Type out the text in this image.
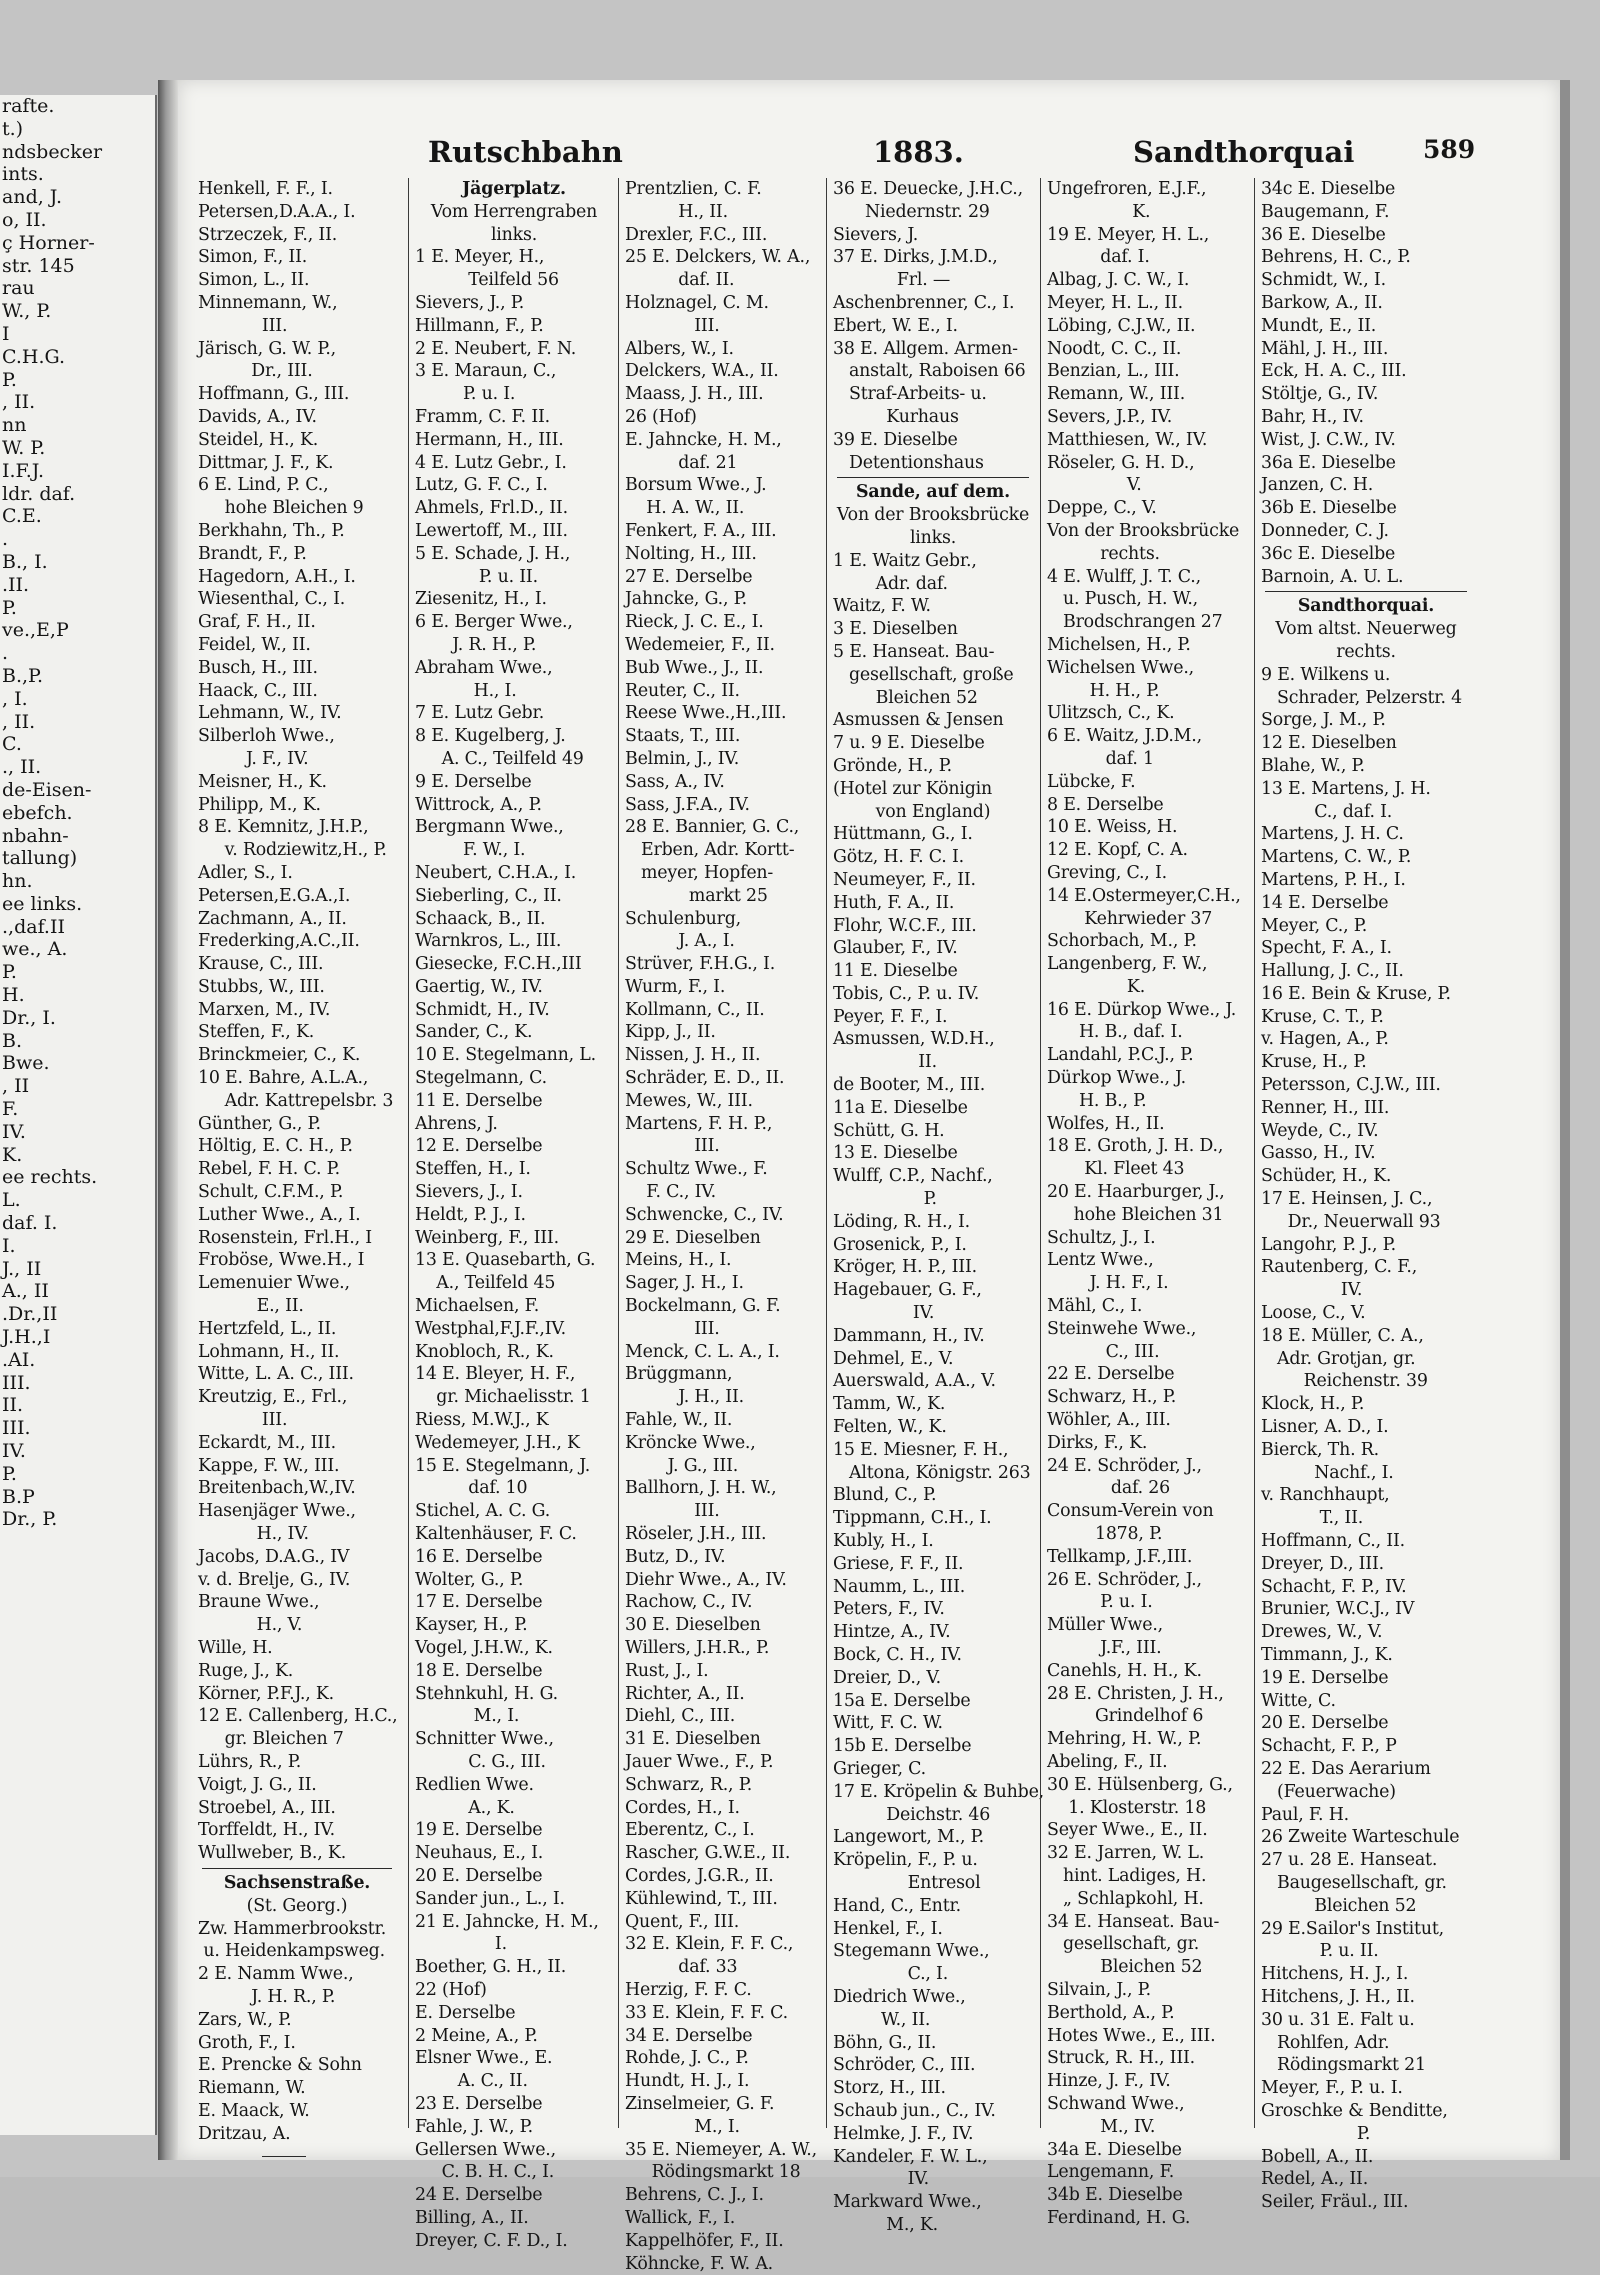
rafte.
t.)
ndsbecker
ints.
and, J.
o, II.
ç Horner-
str. 145
rau
W., P.
I
C.H.G.
P.
, II.
nn
W. P.
I.F.J.
ldr. daf.
C.E.
.
B., I.
.II.
P.
ve.,E,P
.
B.,P.
, I.
, II.
C.
., II.
de-Eisen-
ebefch.
nbahn-
tallung)
hn.
ee links.
.,daf.II
we., A.
P.
H.
Dr., I.
B.
Bwe.
, II
F.
IV.
K.
ee rechts.
L.
daf. I.
I.
J., II
A., II
.Dr.,II
J.H.,I
.AI.
III.
II.
III.
IV.
P.
B.P
Dr., P.
Rutschbahn	1883.	Sandthorquai	589
Henkell, F. F., I.
Petersen,D.A.A., I.
Strzeczek, F., II.
Simon, F., II.
Simon, L., II.
Minnemann, W.,
III.
Järisch, G. W. P.,
Dr., III.
Hoffmann, G., III.
Davids, A., IV.
Steidel, H., K.
Dittmar, J. F., K.
6 E. Lind, P. C.,
hohe Bleichen 9
Berkhahn, Th., P.
Brandt, F., P.
Hagedorn, A.H., I.
Wiesenthal, C., I.
Graf, F. H., II.
Feidel, W., II.
Busch, H., III.
Haack, C., III.
Lehmann, W., IV.
Silberloh Wwe.,
J. F., IV.
Meisner, H., K.
Philipp, M., K.
8 E. Kemnitz, J.H.P.,
v. Rodziewitz,H., P.
Adler, S., I.
Petersen,E.G.A.,I.
Zachmann, A., II.
Frederking,A.C.,II.
Krause, C., III.
Stubbs, W., III.
Marxen, M., IV.
Steffen, F., K.
Brinckmeier, C., K.
10 E. Bahre, A.L.A.,
Adr. Kattrepelsbr. 3
Günther, G., P.
Höltig, E. C. H., P.
Rebel, F. H. C. P.
Schult, C.F.M., P.
Luther Wwe., A., I.
Rosenstein, Frl.H., I
Froböse, Wwe.H., I
Lemenuier Wwe.,
E., II.
Hertzfeld, L., II.
Lohmann, H., II.
Witte, L. A. C., III.
Kreutzig, E., Frl.,
III.
Eckardt, M., III.
Kappe, F. W., III.
Breitenbach,W.,IV.
Hasenjäger Wwe.,
H., IV.
Jacobs, D.A.G., IV
v. d. Brelje, G., IV.
Braune Wwe.,
H., V.
Wille, H.
Ruge, J., K.
Körner, P.F.J., K.
12 E. Callenberg, H.C.,
gr. Bleichen 7
Lührs, R., P.
Voigt, J. G., II.
Stroebel, A., III.
Torffeldt, H., IV.
Wullweber, B., K.
Sachsenstraße.
(St. Georg.)
Zw. Hammerbrookstr.
u. Heidenkampsweg.
2 E. Namm Wwe.,
J. H. R., P.
Zars, W., P.
Groth, F., I.
E. Prencke & Sohn
Riemann, W.
E. Maack, W.
Dritzau, A.
Jägerplatz.
Vom Herrengraben
links.
1 E. Meyer, H.,
Teilfeld 56
Sievers, J., P.
Hillmann, F., P.
2 E. Neubert, F. N.
3 E. Maraun, C.,
P. u. I.
Framm, C. F. II.
Hermann, H., III.
4 E. Lutz Gebr., I.
Lutz, G. F. C., I.
Ahmels, Frl.D., II.
Lewertoff, M., III.
5 E. Schade, J. H.,
P. u. II.
Ziesenitz, H., I.
6 E. Berger Wwe.,
J. R. H., P.
Abraham Wwe.,
H., I.
7 E. Lutz Gebr.
8 E. Kugelberg, J.
A. C., Teilfeld 49
9 E. Derselbe
Wittrock, A., P.
Bergmann Wwe.,
F. W., I.
Neubert, C.H.A., I.
Sieberling, C., II.
Schaack, B., II.
Warnkros, L., III.
Giesecke, F.C.H.,III
Gaertig, W., IV.
Schmidt, H., IV.
Sander, C., K.
10 E. Stegelmann, L.
Stegelmann, C.
11 E. Derselbe
Ahrens, J.
12 E. Derselbe
Steffen, H., I.
Sievers, J., I.
Heldt, P. J., I.
Weinberg, F., III.
13 E. Quasebarth, G.
A., Teilfeld 45
Michaelsen, F.
Westphal,F.J.F.,IV.
Knobloch, R., K.
14 E. Bleyer, H. F.,
gr. Michaelisstr. 1
Riess, M.W.J., K
Wedemeyer, J.H., K
15 E. Stegelmann, J.
daf. 10
Stichel, A. C. G.
Kaltenhäuser, F. C.
16 E. Derselbe
Wolter, G., P.
17 E. Derselbe
Kayser, H., P.
Vogel, J.H.W., K.
18 E. Derselbe
Stehnkuhl, H. G.
M., I.
Schnitter Wwe.,
C. G., III.
Redlien Wwe.
A., K.
19 E. Derselbe
Neuhaus, E., I.
20 E. Derselbe
Sander jun., L., I.
21 E. Jahncke, H. M.,
I.
Boether, G. H., II.
22 (Hof)
E. Derselbe
2 Meine, A., P.
Elsner Wwe., E.
A. C., II.
23 E. Derselbe
Fahle, J. W., P.
Gellersen Wwe.,
C. B. H. C., I.
24 E. Derselbe
Billing, A., II.
Dreyer, C. F. D., I.
Prentzlien, C. F.
H., II.
Drexler, F.C., III.
25 E. Delckers, W. A.,
daf. II.
Holznagel, C. M.
III.
Albers, W., I.
Delckers, W.A., II.
Maass, J. H., III.
26 (Hof)
E. Jahncke, H. M.,
daf. 21
Borsum Wwe., J.
H. A. W., II.
Fenkert, F. A., III.
Nolting, H., III.
27 E. Derselbe
Jahncke, G., P.
Rieck, J. C. E., I.
Wedemeier, F., II.
Bub Wwe., J., II.
Reuter, C., II.
Reese Wwe.,H.,III.
Staats, T., III.
Belmin, J., IV.
Sass, A., IV.
Sass, J.F.A., IV.
28 E. Bannier, G. C.,
Erben, Adr. Kortt-
meyer, Hopfen-
markt 25
Schulenburg,
J. A., I.
Strüver, F.H.G., I.
Wurm, F., I.
Kollmann, C., II.
Kipp, J., II.
Nissen, J. H., II.
Schräder, E. D., II.
Mewes, W., III.
Martens, F. H. P.,
III.
Schultz Wwe., F.
F. C., IV.
Schwencke, C., IV.
29 E. Dieselben
Meins, H., I.
Sager, J. H., I.
Bockelmann, G. F.
III.
Menck, C. L. A., I.
Brüggmann,
J. H., II.
Fahle, W., II.
Kröncke Wwe.,
J. G., III.
Ballhorn, J. H. W.,
III.
Röseler, J.H., III.
Butz, D., IV.
Diehr Wwe., A., IV.
Rachow, C., IV.
30 E. Dieselben
Willers, J.H.R., P.
Rust, J., I.
Richter, A., II.
Diehl, C., III.
31 E. Dieselben
Jauer Wwe., F., P.
Schwarz, R., P.
Cordes, H., I.
Eberentz, C., I.
Rascher, G.W.E., II.
Cordes, J.G.R., II.
Kühlewind, T., III.
Quent, F., III.
32 E. Klein, F. F. C.,
daf. 33
Herzig, F. F. C.
33 E. Klein, F. F. C.
34 E. Derselbe
Rohde, J. C., P.
Hundt, H. J., I.
Zinselmeier, G. F.
M., I.
35 E. Niemeyer, A. W.,
Rödingsmarkt 18
Behrens, C. J., I.
Wallick, F., I.
Kappelhöfer, F., II.
Köhncke, F. W. A.
36 E. Deuecke, J.H.C.,
Niedernstr. 29
Sievers, J.
37 E. Dirks, J.M.D.,
Frl. —
Aschenbrenner, C., I.
Ebert, W. E., I.
38 E. Allgem. Armen-
anstalt, Raboisen 66
Straf-Arbeits- u.
Kurhaus
39 E. Dieselbe
Detentionshaus
Sande, auf dem.
Von der Brooksbrücke
links.
1 E. Waitz Gebr.,
Adr. daf.
Waitz, F. W.
3 E. Dieselben
5 E. Hanseat. Bau-
gesellschaft, große
Bleichen 52
Asmussen & Jensen
7 u. 9 E. Dieselbe
Grönde, H., P.
(Hotel zur Königin
von England)
Hüttmann, G., I.
Götz, H. F. C. I.
Neumeyer, F., II.
Huth, F. A., II.
Flohr, W.C.F., III.
Glauber, F., IV.
11 E. Dieselbe
Tobis, C., P. u. IV.
Peyer, F. F., I.
Asmussen, W.D.H.,
II.
de Booter, M., III.
11a E. Dieselbe
Schütt, G. H.
13 E. Dieselbe
Wulff, C.P., Nachf.,
P.
Löding, R. H., I.
Grosenick, P., I.
Kröger, H. P., III.
Hagebauer, G. F.,
IV.
Dammann, H., IV.
Dehmel, E., V.
Auerswald, A.A., V.
Tamm, W., K.
Felten, W., K.
15 E. Miesner, F. H.,
Altona, Königstr. 263
Blund, C., P.
Tippmann, C.H., I.
Kubly, H., I.
Griese, F. F., II.
Naumm, L., III.
Peters, F., IV.
Hintze, A., IV.
Bock, C. H., IV.
Dreier, D., V.
15a E. Derselbe
Witt, F. C. W.
15b E. Derselbe
Grieger, C.
17 E. Kröpelin & Buhbe,
Deichstr. 46
Langewort, M., P.
Kröpelin, F., P. u.
Entresol
Hand, C., Entr.
Henkel, F., I.
Stegemann Wwe.,
C., I.
Diedrich Wwe.,
W., II.
Böhn, G., II.
Schröder, C., III.
Storz, H., III.
Schaub jun., C., IV.
Helmke, J. F., IV.
Kandeler, F. W. L.,
IV.
Markward Wwe.,
M., K.
Ungefroren, E.J.F.,
K.
19 E. Meyer, H. L.,
daf. I.
Albag, J. C. W., I.
Meyer, H. L., II.
Löbing, C.J.W., II.
Noodt, C. C., II.
Benzian, L., III.
Remann, W., III.
Severs, J.P., IV.
Matthiesen, W., IV.
Röseler, G. H. D.,
V.
Deppe, C., V.
Von der Brooksbrücke
rechts.
4 E. Wulff, J. T. C.,
u. Pusch, H. W.,
Brodschrangen 27
Michelsen, H., P.
Wichelsen Wwe.,
H. H., P.
Ulitzsch, C., K.
6 E. Waitz, J.D.M.,
daf. 1
Lübcke, F.
8 E. Derselbe
10 E. Weiss, H.
12 E. Kopf, C. A.
Greving, C., I.
14 E.Ostermeyer,C.H.,
Kehrwieder 37
Schorbach, M., P.
Langenberg, F. W.,
K.
16 E. Dürkop Wwe., J.
H. B., daf. I.
Landahl, P.C.J., P.
Dürkop Wwe., J.
H. B., P.
Wolfes, H., II.
18 E. Groth, J. H. D.,
Kl. Fleet 43
20 E. Haarburger, J.,
hohe Bleichen 31
Schultz, J., I.
Lentz Wwe.,
J. H. F., I.
Mähl, C., I.
Steinwehe Wwe.,
C., III.
22 E. Derselbe
Schwarz, H., P.
Wöhler, A., III.
Dirks, F., K.
24 E. Schröder, J.,
daf. 26
Consum-Verein von
1878, P.
Tellkamp, J.F.,III.
26 E. Schröder, J.,
P. u. I.
Müller Wwe.,
J.F., III.
Canehls, H. H., K.
28 E. Christen, J. H.,
Grindelhof 6
Mehring, H. W., P.
Abeling, F., II.
30 E. Hülsenberg, G.,
1. Klosterstr. 18
Seyer Wwe., E., II.
32 E. Jarren, W. L.
hint. Ladiges, H.
„ Schlapkohl, H.
34 E. Hanseat. Bau-
gesellschaft, gr.
Bleichen 52
Silvain, J., P.
Berthold, A., P.
Hotes Wwe., E., III.
Struck, R. H., III.
Hinze, J. F., IV.
Schwand Wwe.,
M., IV.
34a E. Dieselbe
Lengemann, F.
34b E. Dieselbe
Ferdinand, H. G.
34c E. Dieselbe
Baugemann, F.
36 E. Dieselbe
Behrens, H. C., P.
Schmidt, W., I.
Barkow, A., II.
Mundt, E., II.
Mähl, J. H., III.
Eck, H. A. C., III.
Stöltje, G., IV.
Bahr, H., IV.
Wist, J. C.W., IV.
36a E. Dieselbe
Janzen, C. H.
36b E. Dieselbe
Donneder, C. J.
36c E. Dieselbe
Barnoin, A. U. L.
Sandthorquai.
Vom altst. Neuerweg
rechts.
9 E. Wilkens u.
Schrader, Pelzerstr. 4
Sorge, J. M., P.
12 E. Dieselben
Blahe, W., P.
13 E. Martens, J. H.
C., daf. I.
Martens, J. H. C.
Martens, C. W., P.
Martens, P. H., I.
14 E. Derselbe
Meyer, C., P.
Specht, F. A., I.
Hallung, J. C., II.
16 E. Bein & Kruse, P.
Kruse, C. T., P.
v. Hagen, A., P.
Kruse, H., P.
Petersson, C.J.W., III.
Renner, H., III.
Weyde, C., IV.
Gasso, H., IV.
Schüder, H., K.
17 E. Heinsen, J. C.,
Dr., Neuerwall 93
Langohr, P. J., P.
Rautenberg, C. F.,
IV.
Loose, C., V.
18 E. Müller, C. A.,
Adr. Grotjan, gr.
Reichenstr. 39
Klock, H., P.
Lisner, A. D., I.
Bierck, Th. R.
Nachf., I.
v. Ranchhaupt,
T., II.
Hoffmann, C., II.
Dreyer, D., III.
Schacht, F. P., IV.
Brunier, W.C.J., IV
Drewes, W., V.
Timmann, J., K.
19 E. Derselbe
Witte, C.
20 E. Derselbe
Schacht, F. P., P
22 E. Das Aerarium
(Feuerwache)
Paul, F. H.
26 Zweite Warteschule
27 u. 28 E. Hanseat.
Baugesellschaft, gr.
Bleichen 52
29 E.Sailor's Institut,
P. u. II.
Hitchens, H. J., I.
Hitchens, J. H., II.
30 u. 31 E. Falt u.
Rohlfen, Adr.
Rödingsmarkt 21
Meyer, F., P. u. I.
Groschke & Benditte,
P.
Bobell, A., II.
Redel, A., II.
Seiler, Fräul., III.
